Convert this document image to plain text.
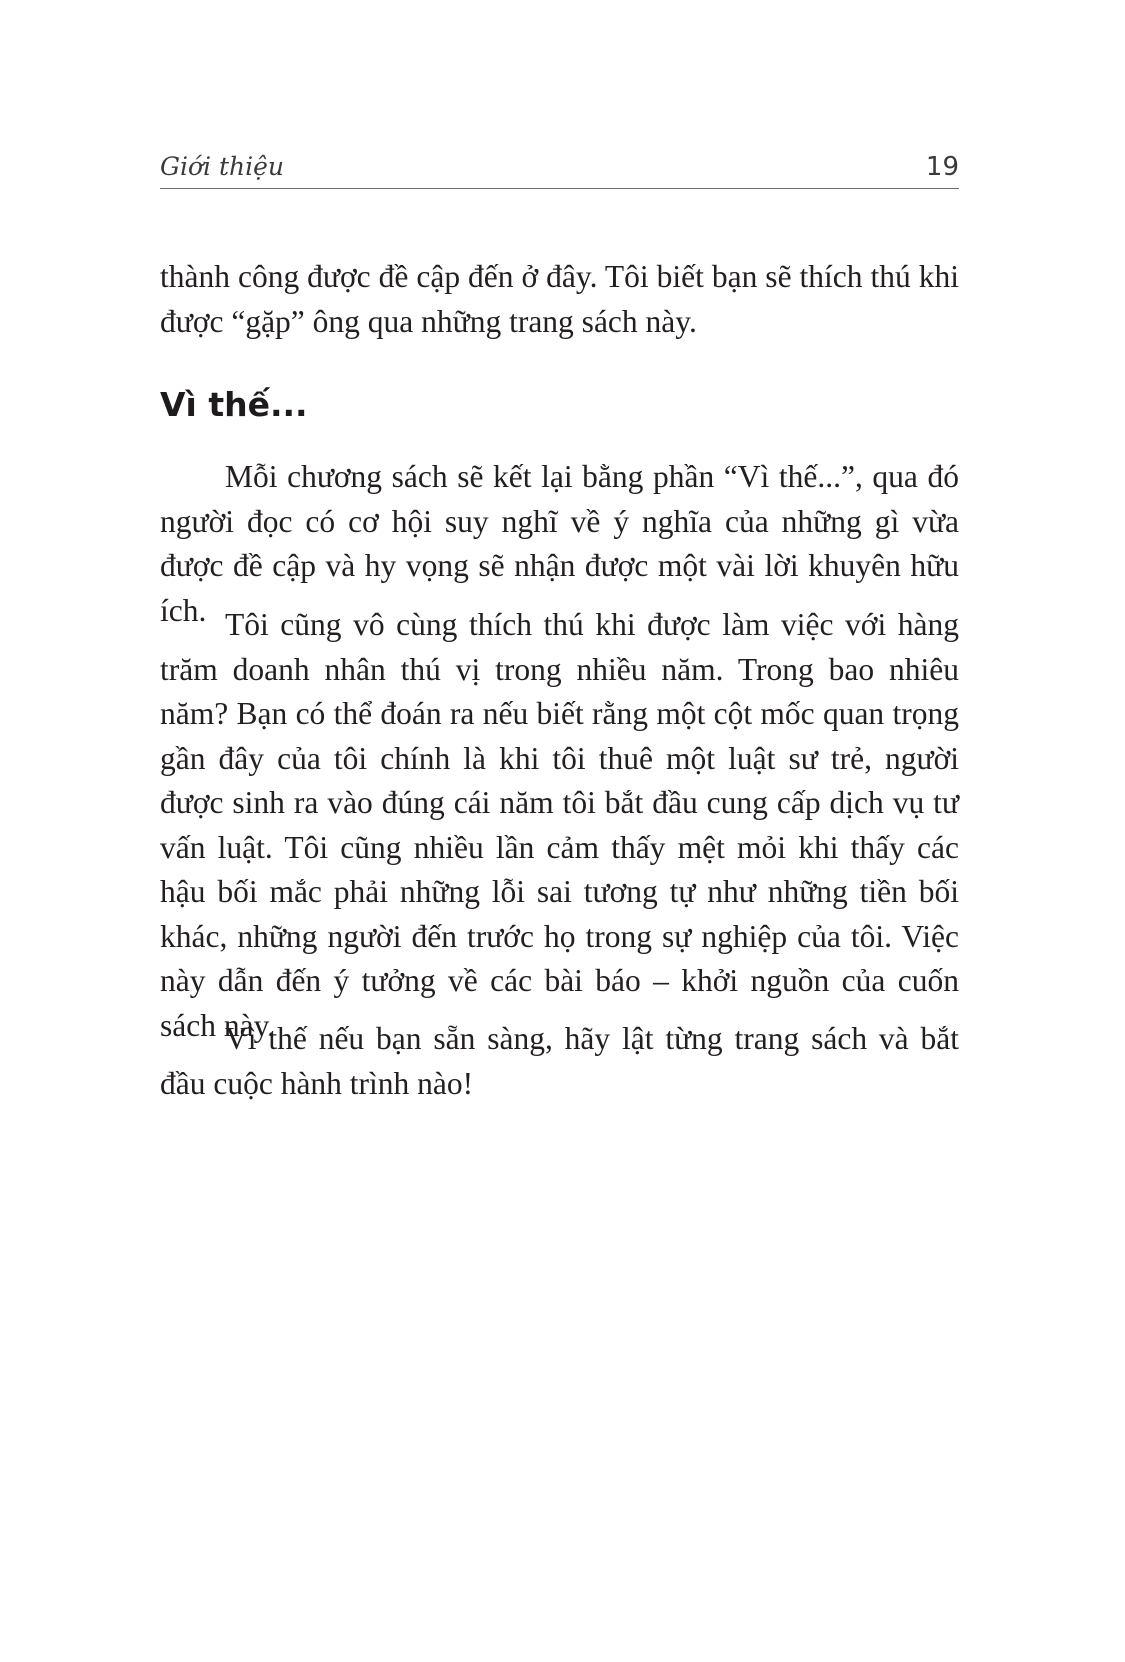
Giới thiệu	19

thành công được đề cập đến ở đây. Tôi biết bạn sẽ thích thú khi được “gặp” ông qua những trang sách này.

Vì thế...

Mỗi chương sách sẽ kết lại bằng phần “Vì thế...”, qua đó người đọc có cơ hội suy nghĩ về ý nghĩa của những gì vừa được đề cập và hy vọng sẽ nhận được một vài lời khuyên hữu ích. Tôi cũng vô cùng thích thú khi được làm việc với hàng trăm doanh nhân thú vị trong nhiều năm. Trong bao nhiêu năm? Bạn có thể đoán ra nếu biết rằng một cột mốc quan trọng gần đây của tôi chính là khi tôi thuê một luật sư trẻ, người được sinh ra vào đúng cái năm tôi bắt đầu cung cấp dịch vụ tư vấn luật. Tôi cũng nhiều lần cảm thấy mệt mỏi khi thấy các hậu bối mắc phải những lỗi sai tương tự như những tiền bối khác, những người đến trước họ trong sự nghiệp của tôi. Việc này dẫn đến ý tưởng về các bài báo – khởi nguồn của cuốn sách này.

Vì thế nếu bạn sẵn sàng, hãy lật từng trang sách và bắt đầu cuộc hành trình nào!
